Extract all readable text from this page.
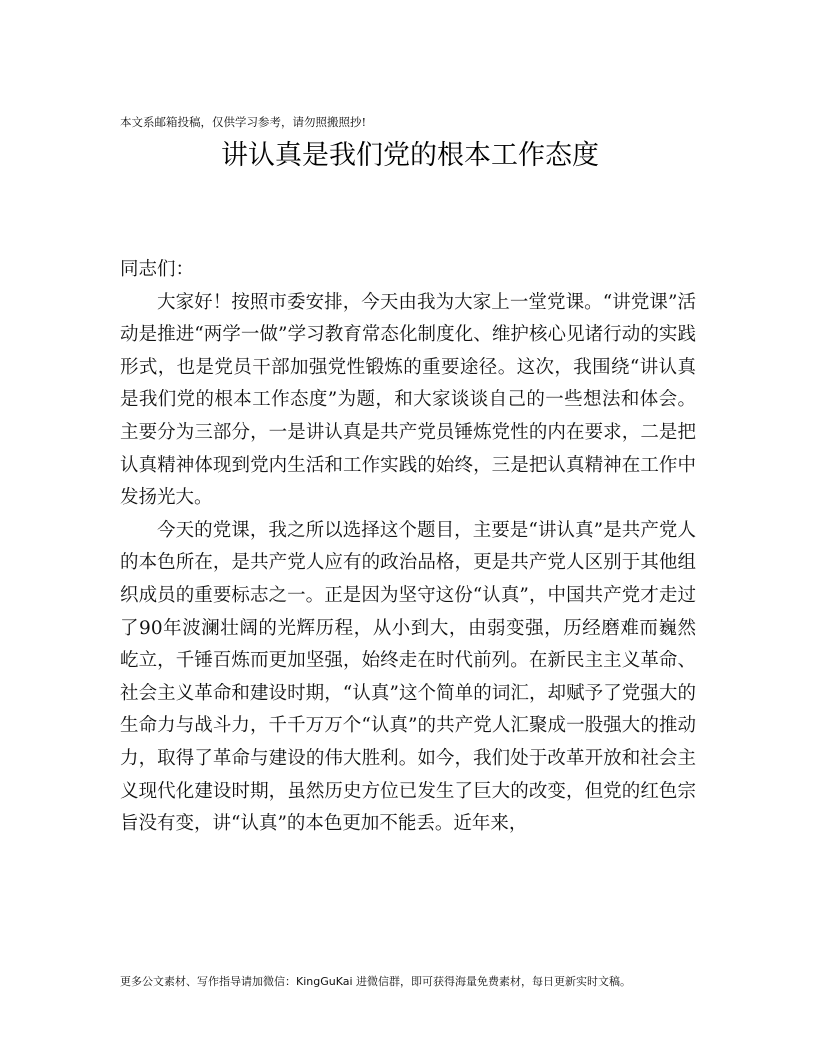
本文系邮箱投稿，仅供学习参考，请勿照搬照抄!
讲认真是我们党的根本工作态度

同志们：

大家好！按照市委安排，今天由我为大家上一堂党课。“讲党课”活动是推进“两学一做”学习教育常态化制度化、维护核心见诸行动的实践形式，也是党员干部加强党性锻炼的重要途径。这次，我围绕“讲认真是我们党的根本工作态度”为题，和大家谈谈自己的一些想法和体会。主要分为三部分，一是讲认真是共产党员锤炼党性的内在要求，二是把认真精神体现到党内生活和工作实践的始终，三是把认真精神在工作中发扬光大。

今天的党课，我之所以选择这个题目，主要是“讲认真”是共产党人的本色所在，是共产党人应有的政治品格，更是共产党人区别于其他组织成员的重要标志之一。正是因为坚守这份“认真”，中国共产党才走过了90年波澜壮阔的光辉历程，从小到大，由弱变强，历经磨难而巍然屹立，千锤百炼而更加坚强，始终走在时代前列。在新民主主义革命、社会主义革命和建设时期，“认真”这个简单的词汇，却赋予了党强大的生命力与战斗力，千千万万个“认真”的共产党人汇聚成一股强大的推动力，取得了革命与建设的伟大胜利。如今，我们处于改革开放和社会主义现代化建设时期，虽然历史方位已发生了巨大的改变，但党的红色宗旨没有变，讲“认真”的本色更加不能丢。近年来，

更多公文素材、写作指导请加微信：KingGuKai 进微信群，即可获得海量免费素材，每日更新实时文稿。
